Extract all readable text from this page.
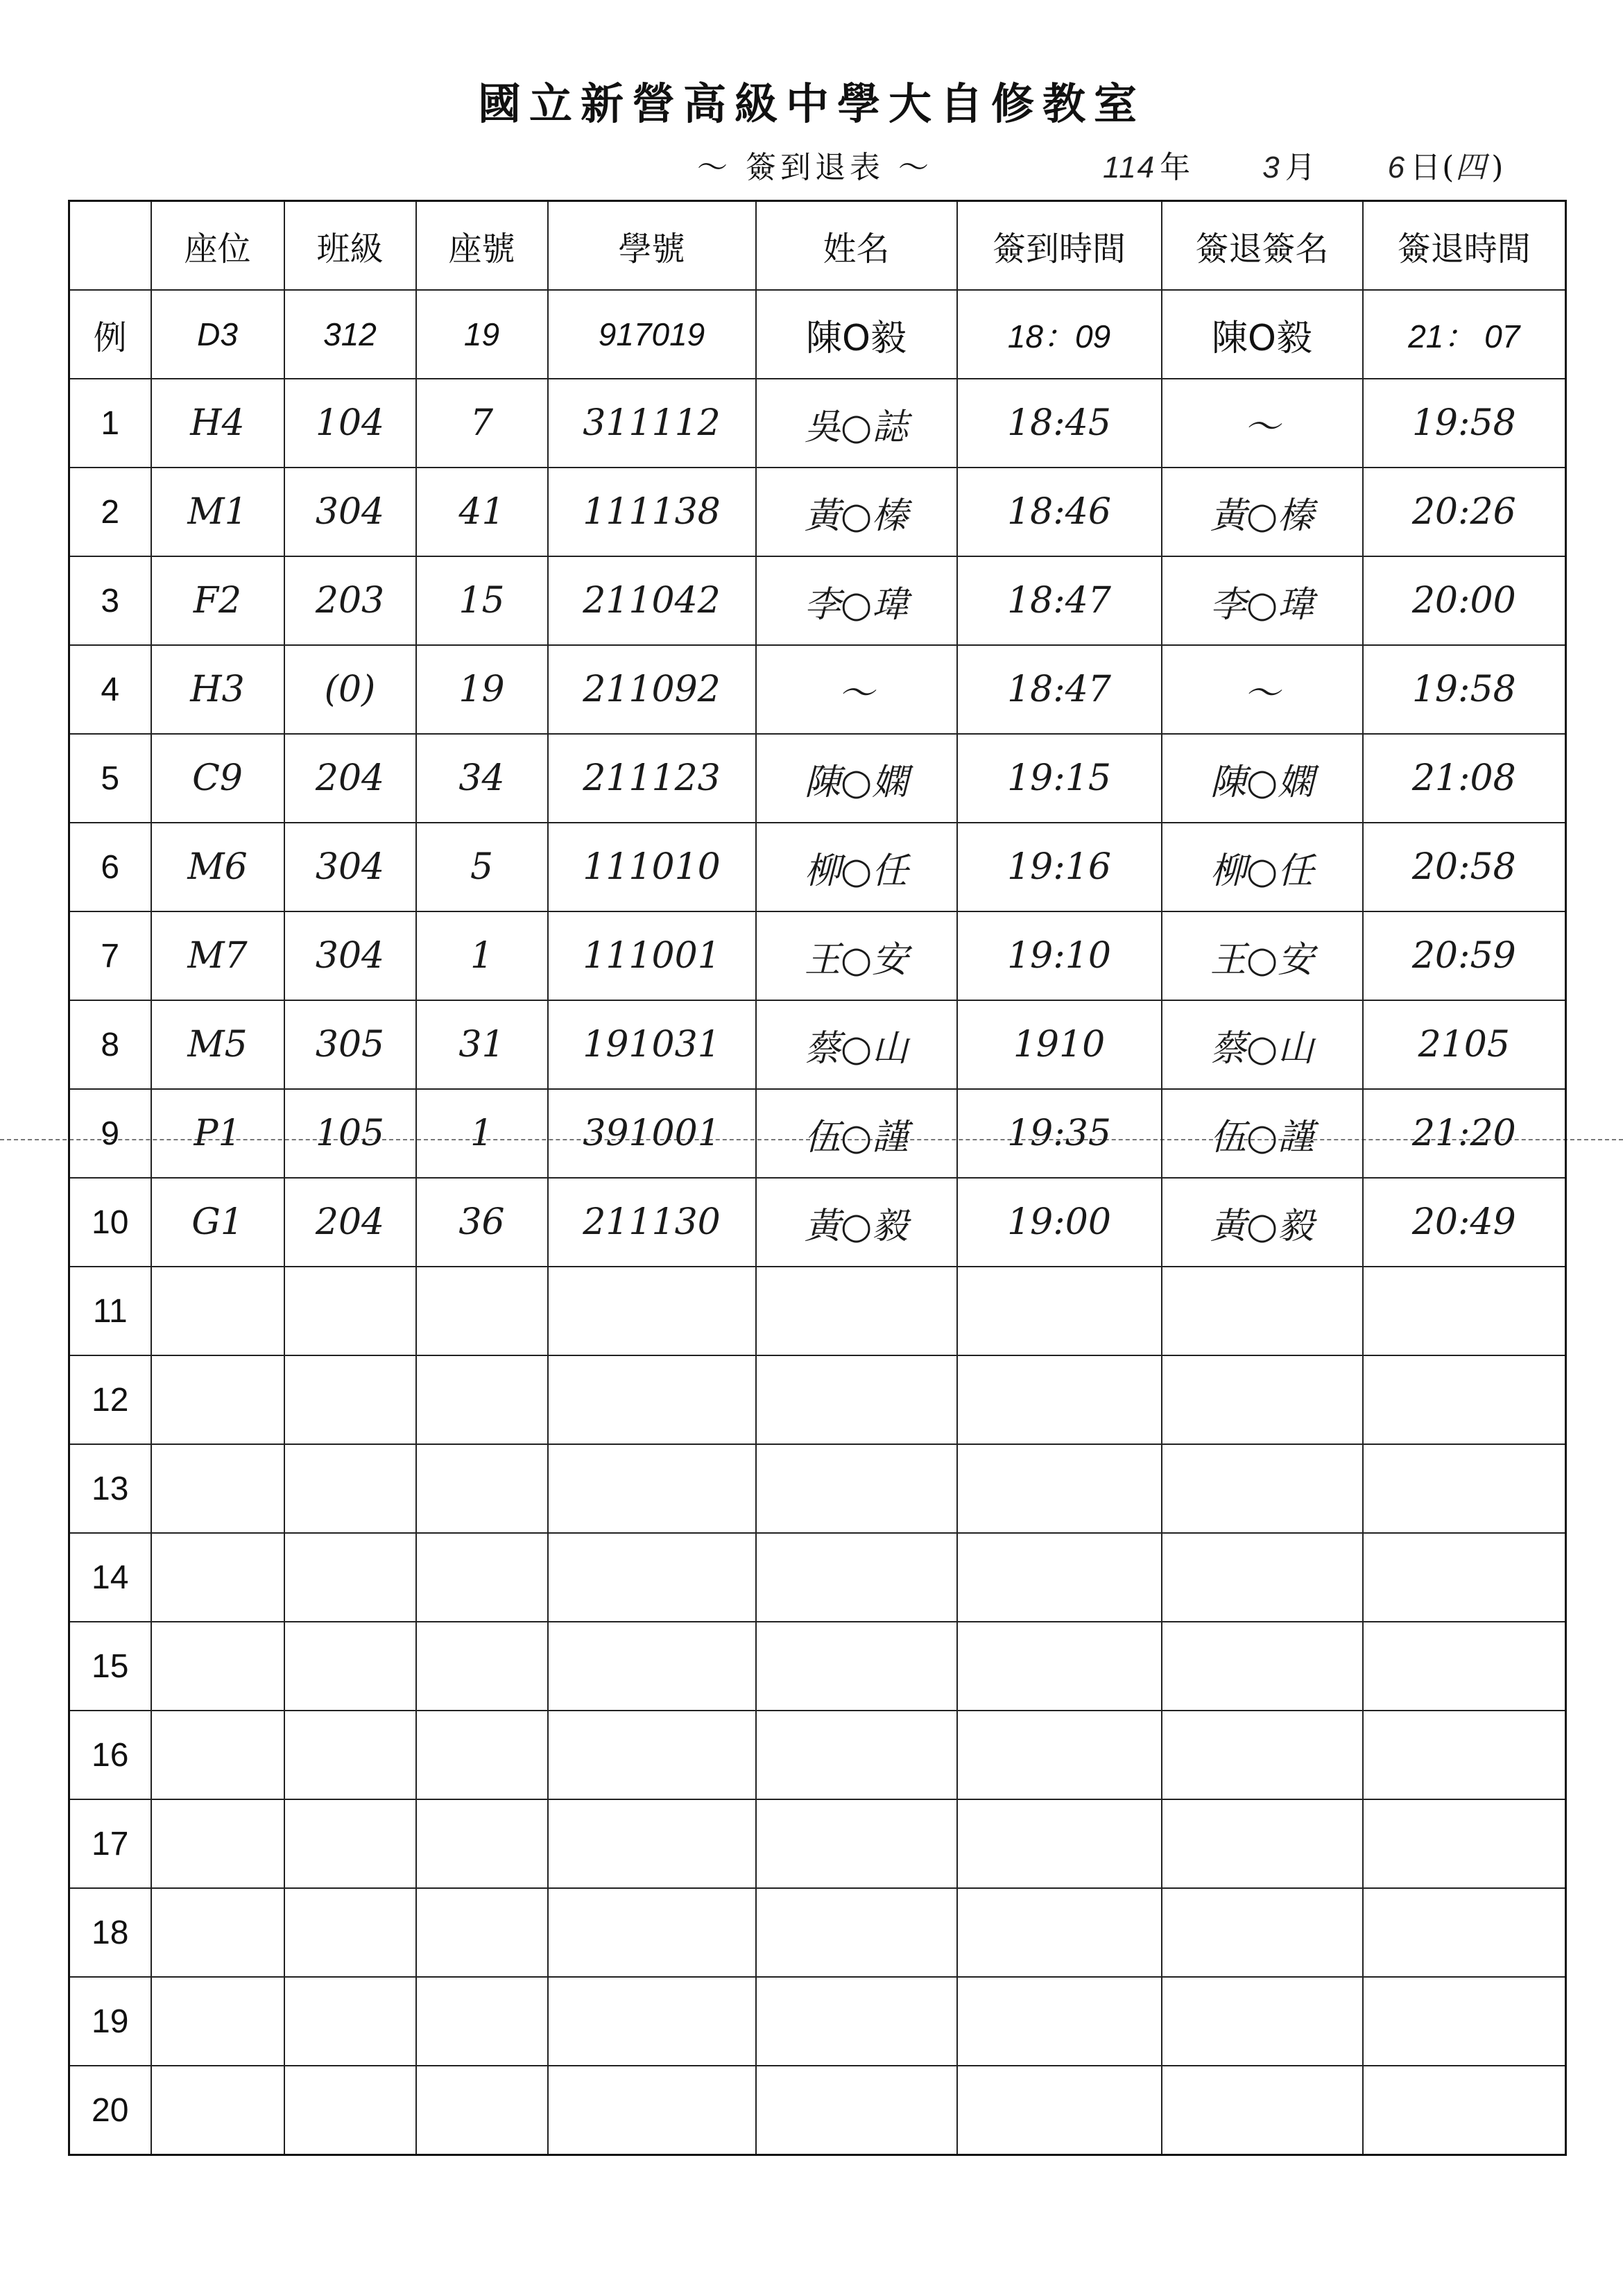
國立新營高級中學大自修教室
～ 簽到退表 ～	114 年 3 月 6 日(四 )
	座位	班級	座號	學號	姓名	簽到時間	簽退簽名	簽退時間
例	D3	312	19	917019	陳O毅	18：09	陳O毅	21： 07
1	H4	104	7	311112	吳○誌	18:45	〜	19:58
2	M1	304	41	111138	黃○榛	18:46	黃○榛	20:26
3	F2	203	15	211042	李○瑋	18:47	李○瑋	20:00
4	H3	(0)	19	211092	～	18:47	～	19:58
5	C9	204	34	211123	陳○嫻	19:15	陳○嫻	21:08
6	M6	304	5	111010	柳○任	19:16	柳○任	20:58
7	M7	304	1	111001	王○安	19:10	王○安	20:59
8	M5	305	31	191031	蔡○山	1910	蔡○山	2105
9	P1	105	1	391001	伍○謹	19:35	伍○謹	21:20
10	G1	204	36	211130	黃○毅	19:00	黃○毅	20:49
11								
12								
13								
14								
15								
16								
17								
18								
19								
20								
